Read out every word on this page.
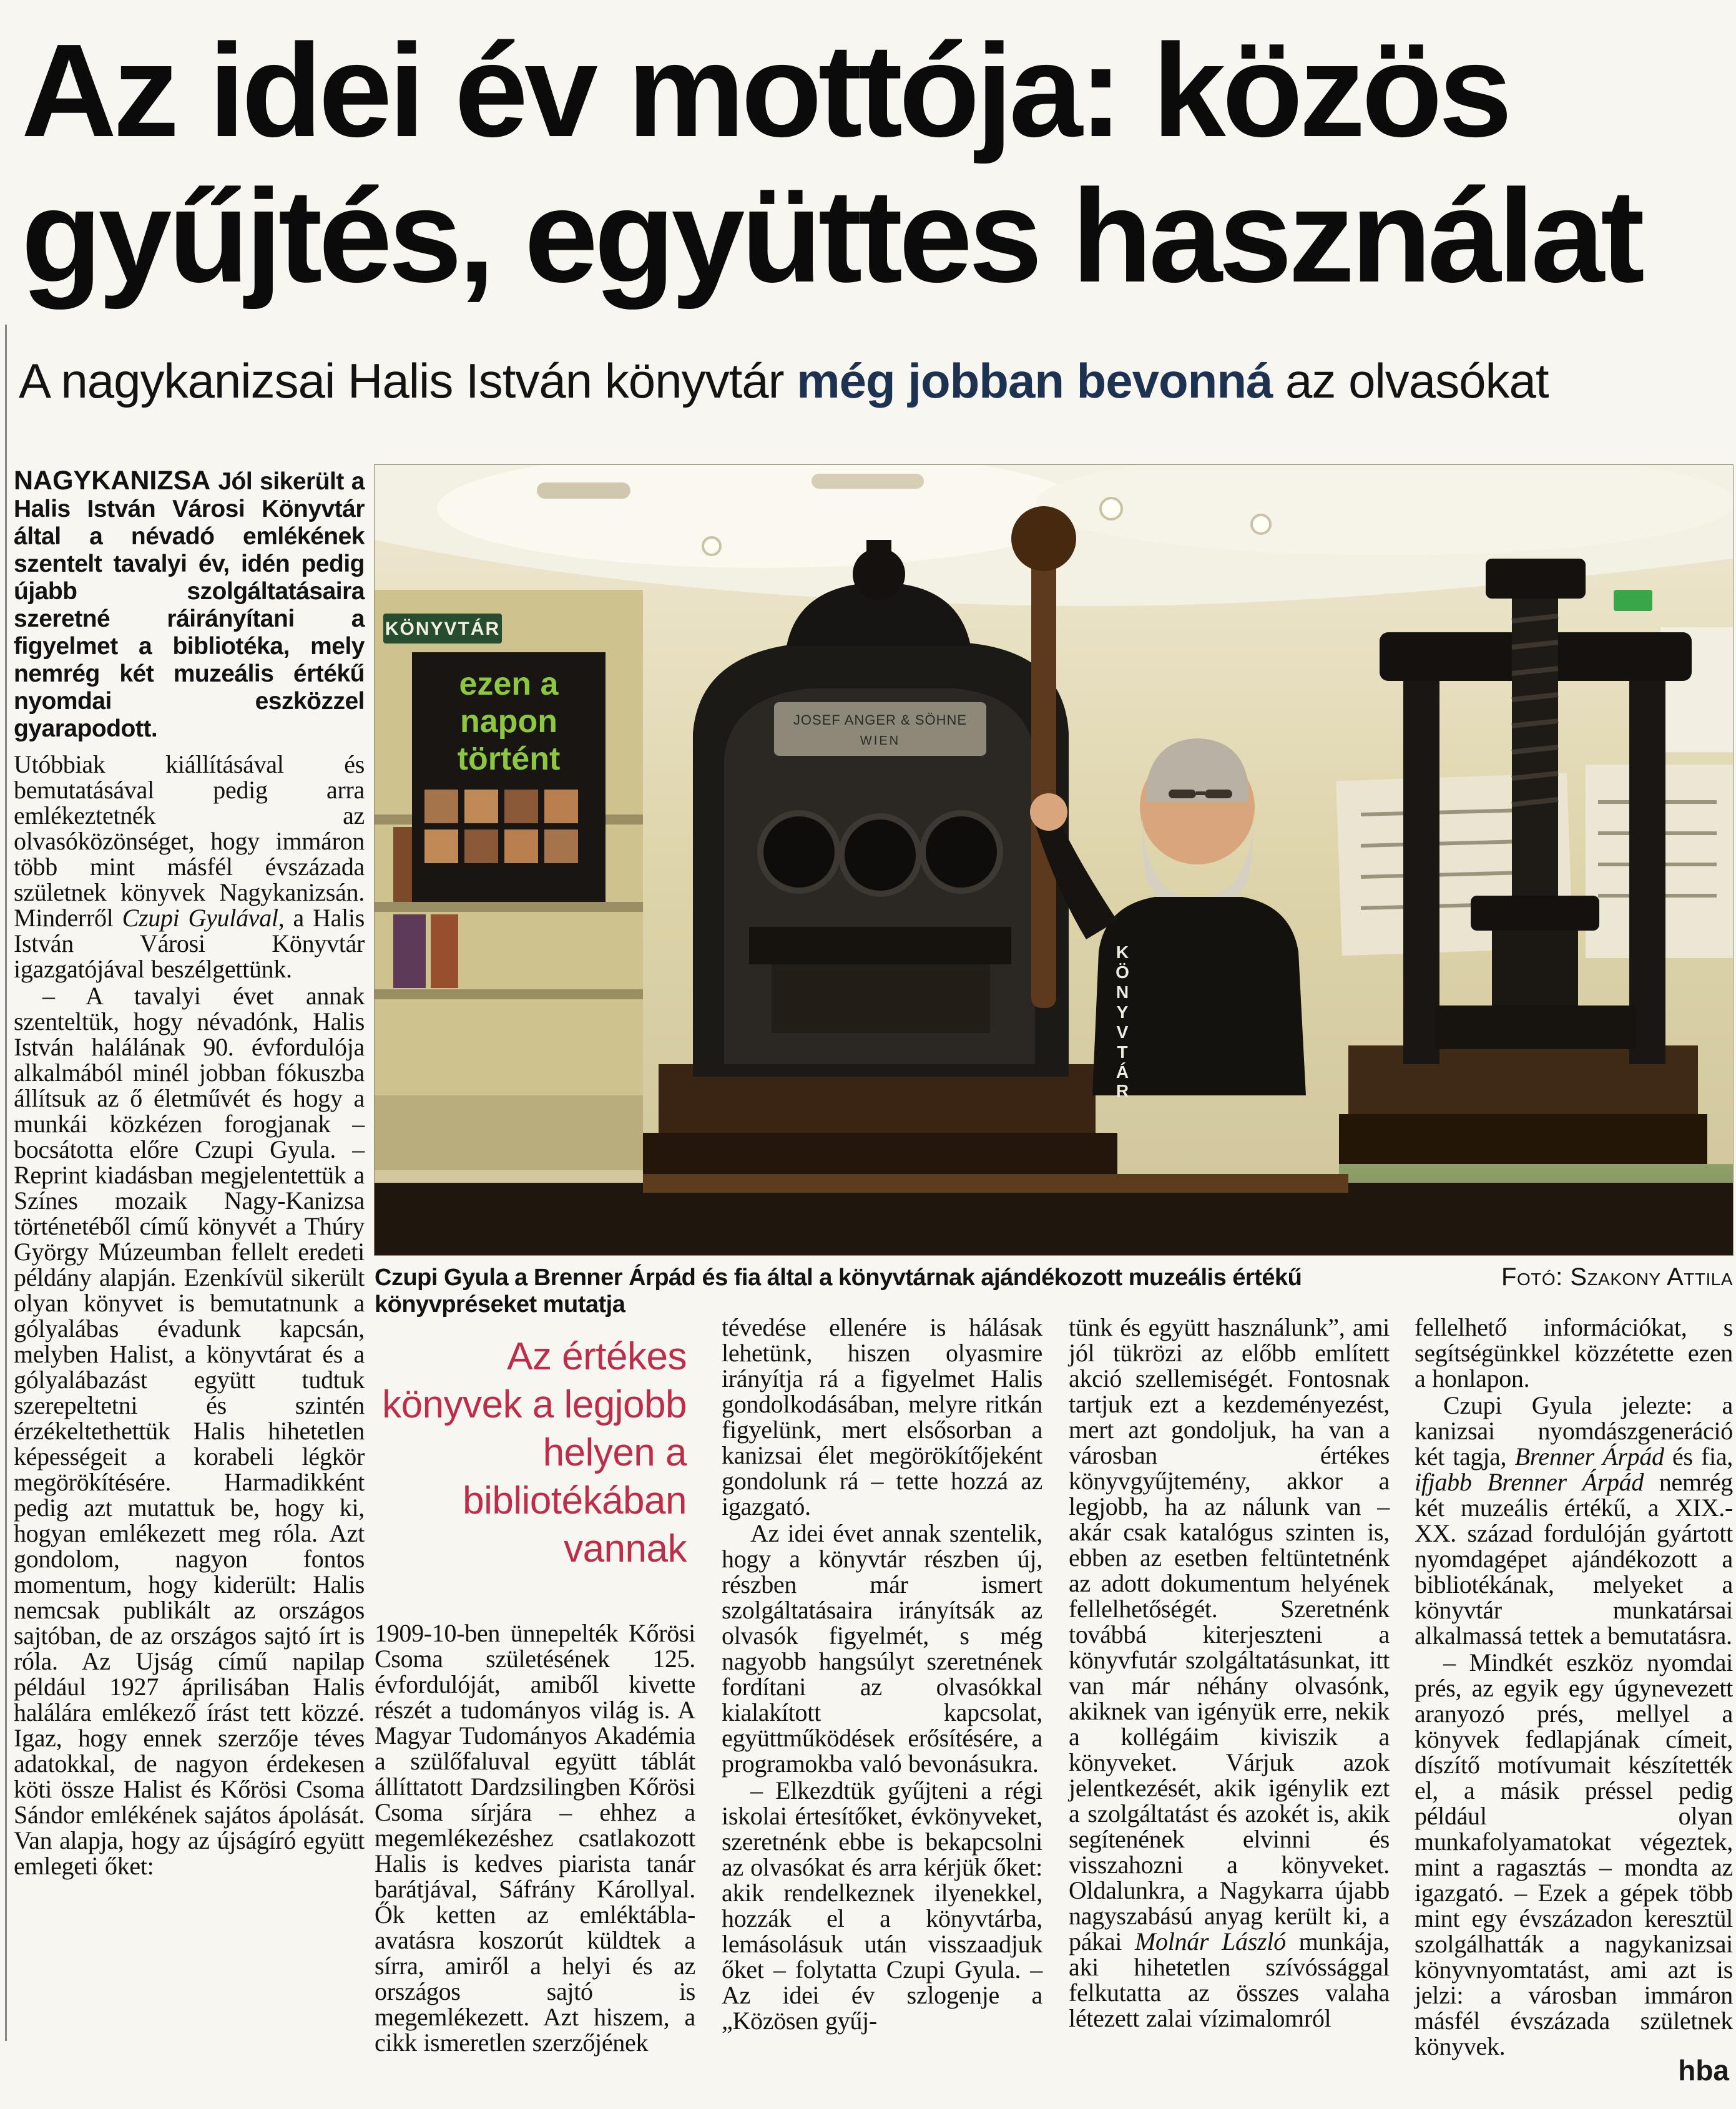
Az idei év mottója: közös
gyűjtés, együttes használat

A nagykanizsai Halis István könyvtár még jobban bevonná az olvasókat

NAGYKANIZSA Jól sikerült a Halis István Városi Könyvtár által a névadó emlékének szentelt tavalyi év, idén pedig újabb szolgáltatásaira szeretné ráirányítani a figyelmet a bibliotéka, mely nemrég két muzeális értékű nyomdai eszközzel gyarapodott.

Utóbbiak kiállításával és bemutatásával pedig arra emlékeztetnék az olvasóközönséget, hogy immáron több mint másfél évszázada születnek könyvek Nagykanizsán. Minderről Czupi Gyulával, a Halis István Városi Könyvtár igazgatójával beszélgettünk.

– A tavalyi évet annak szenteltük, hogy névadónk, Halis István halálának 90. évfordulója alkalmából minél jobban fókuszba állítsuk az ő életművét és hogy a munkái közkézen forogjanak – bocsátotta előre Czupi Gyula. – Reprint kiadásban megjelentettük a Színes mozaik Nagy-Kanizsa történetéből című könyvét a Thúry György Múzeumban fellelt eredeti példány alapján. Ezenkívül sikerült olyan könyvet is bemutatnunk a gólyalábas évadunk kapcsán, melyben Halist, a könyvtárat és a gólyalábazást együtt tudtuk szerepeltetni és szintén érzékeltethettük Halis hihetetlen képességeit a korabeli légkör megörökítésére. Harmadikként pedig azt mutattuk be, hogy ki, hogyan emlékezett meg róla. Azt gondolom, nagyon fontos momentum, hogy kiderült: Halis nemcsak publikált az országos sajtóban, de az országos sajtó írt is róla. Az Ujság című napilap például 1927 áprilisában Halis halálára emlékező írást tett közzé. Igaz, hogy ennek szerzője téves adatokkal, de nagyon érdekesen köti össze Halist és Kőrösi Csoma Sándor emlékének sajátos ápolását. Van alapja, hogy az újságíró együtt emlegeti őket:

KÖNYVTÁR
ezen a
napon
történt
JOSEF ANGER & SÖHNE
WIEN
K
Ö
N
Y
V
T
Á
R
Czupi Gyula a Brenner Árpád és fia által a könyvtárnak ajándékozott muzeális értékű könyvpréseket mutatja
Fotó: Szakony Attila
Az értékes könyvek a legjobb helyen a bibliotékában vannak

1909-10-ben ünnepelték Kőrösi Csoma születésének 125. évfordulóját, amiből kivette részét a tudományos világ is. A Magyar Tudományos Akadémia a szülőfaluval együtt táblát állíttatott Dardzsilingben Kőrösi Csoma sírjára – ehhez a megemlékezéshez csatlakozott Halis is kedves piarista tanár barátjával, Sáfrány Károllyal. Ők ketten az emléktábla-avatásra koszorút küldtek a sírra, amiről a helyi és az országos sajtó is megemlékezett. Azt hiszem, a cikk ismeretlen szerzőjének

tévedése ellenére is hálásak lehetünk, hiszen olyasmire irányítja rá a figyelmet Halis gondolkodásában, melyre ritkán figyelünk, mert elsősorban a kanizsai élet megörökítőjeként gondolunk rá – tette hozzá az igazgató.

Az idei évet annak szentelik, hogy a könyvtár részben új, részben már ismert szolgáltatásaira irányítsák az olvasók figyelmét, s még nagyobb hangsúlyt szeretnének fordítani az olvasókkal kialakított kapcsolat, együttműködések erősítésére, a programokba való bevonásukra.

– Elkezdtük gyűjteni a régi iskolai értesítőket, évkönyveket, szeretnénk ebbe is bekapcsolni az olvasókat és arra kérjük őket: akik rendelkeznek ilyenekkel, hozzák el a könyvtárba, lemásolásuk után visszaadjuk őket – folytatta Czupi Gyula. – Az idei év szlogenje a „Közösen gyűj-

tünk és együtt használunk”, ami jól tükrözi az előbb említett akció szellemiségét. Fontosnak tartjuk ezt a kezdeményezést, mert azt gondoljuk, ha van a városban értékes könyvgyűjtemény, akkor a legjobb, ha az nálunk van – akár csak katalógus szinten is, ebben az esetben feltüntetnénk az adott dokumentum helyének fellelhetőségét. Szeretnénk továbbá kiterjeszteni a könyvfutár szolgáltatásunkat, itt van már néhány olvasónk, akiknek van igényük erre, nekik a kollégáim kiviszik a könyveket. Várjuk azok jelentkezését, akik igénylik ezt a szolgáltatást és azokét is, akik segítenének elvinni és visszahozni a könyveket. Oldalunkra, a Nagykarra újabb nagyszabású anyag került ki, a pákai Molnár László munkája, aki hihetetlen szívóssággal felkutatta az összes valaha létezett zalai vízimalomról

fellelhető információkat, s segítségünkkel közzétette ezen a honlapon.

Czupi Gyula jelezte: a kanizsai nyomdászgeneráció két tagja, Brenner Árpád és fia, ifjabb Brenner Árpád nemrég két muzeális értékű, a XIX.-XX. század fordulóján gyártott nyomdagépet ajándékozott a bibliotékának, melyeket a könyvtár munkatársai alkalmassá tettek a bemutatásra.

– Mindkét eszköz nyomdai prés, az egyik egy úgynevezett aranyozó prés, mellyel a könyvek fedlapjának címeit, díszítő motívumait készítették el, a másik préssel pedig például olyan munkafolyamatokat végeztek, mint a ragasztás – mondta az igazgató. – Ezek a gépek több mint egy évszázadon keresztül szolgálhatták a nagykanizsai könyvnyomtatást, ami azt is jelzi: a városban immáron másfél évszázada születnek könyvek.

hba
